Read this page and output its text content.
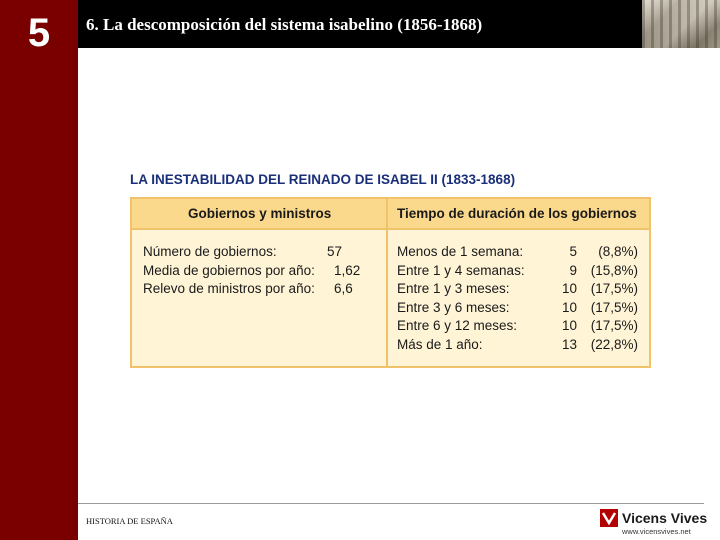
5	6. La descomposición del sistema isabelino (1856-1868)
LA INESTABILIDAD DEL REINADO DE ISABEL II (1833-1868)
Gobiernos y ministros	Tiempo de duración de los gobiernos
Número de gobiernos:	57
Media de gobiernos por año: 1,62
Relevo de ministros por año: 6,6
Menos de 1 semana:	5	(8,8%)
Entre 1 y 4 semanas:	9	(15,8%)
Entre 1 y 3 meses:	10	(17,5%)
Entre 3 y 6 meses:	10	(17,5%)
Entre 6 y 12 meses:	10	(17,5%)
Más de 1 año:	13	(22,8%)
HISTORIA DE ESPAÑA	Vicens Vives
www.vicensvives.net
